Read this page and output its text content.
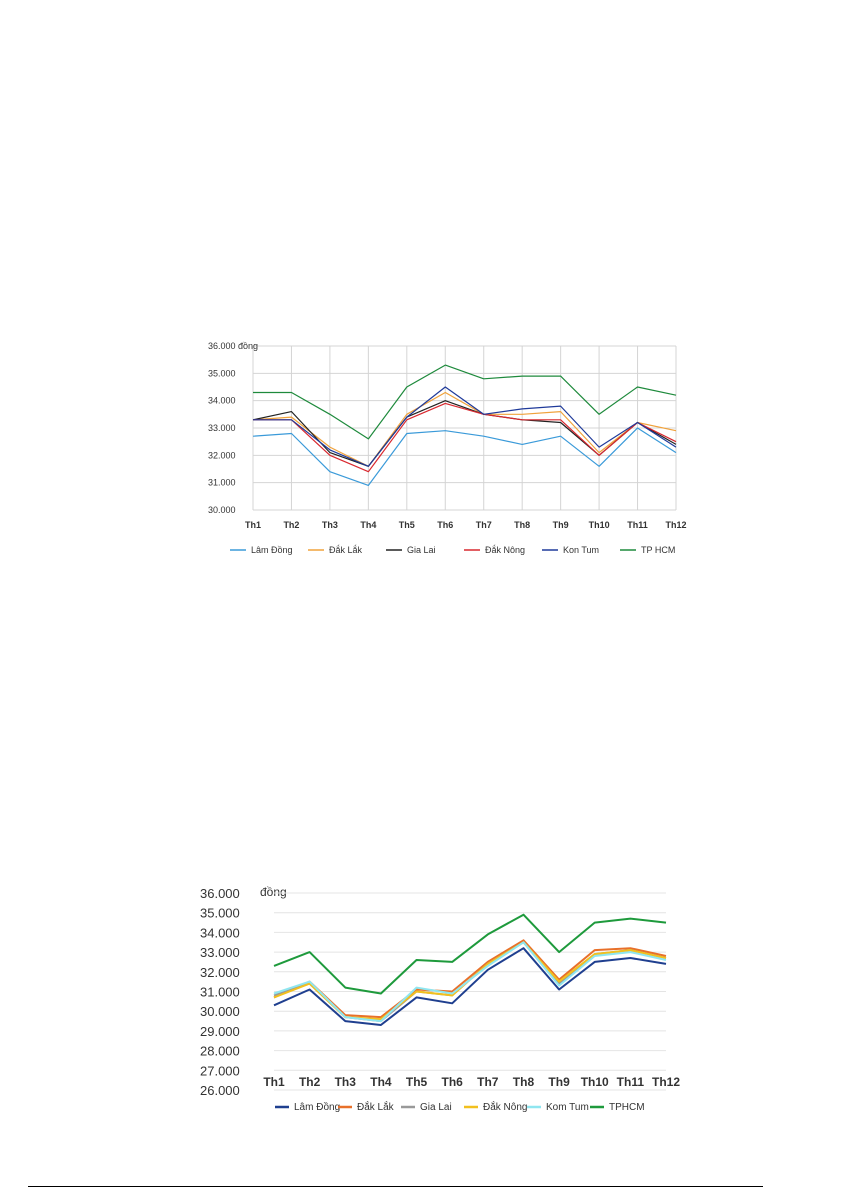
36.000 đồng
35.000
34.000
33.000
32.000
31.000
30.000
Th1 Th2 Th3 Th4 Th5 Th6 Th7 Th8 Th9 Th10 Th11 Th12
Lâm Đồng	Đắk Lắk	Gia Lai	Đắk Nông	Kon Tum	TP HCM
đồng
36.000
35.000
34.000
33.000
32.000
31.000
30.000
29.000
28.000
27.000
26.000
Th1 Th2 Th3 Th4 Th5 Th6 Th7 Th8 Th9 Th10 Th11 Th12
Lâm Đồng Đắk Lắk	Gia Lai	Đắk Nông Kom Tum TPHCM
